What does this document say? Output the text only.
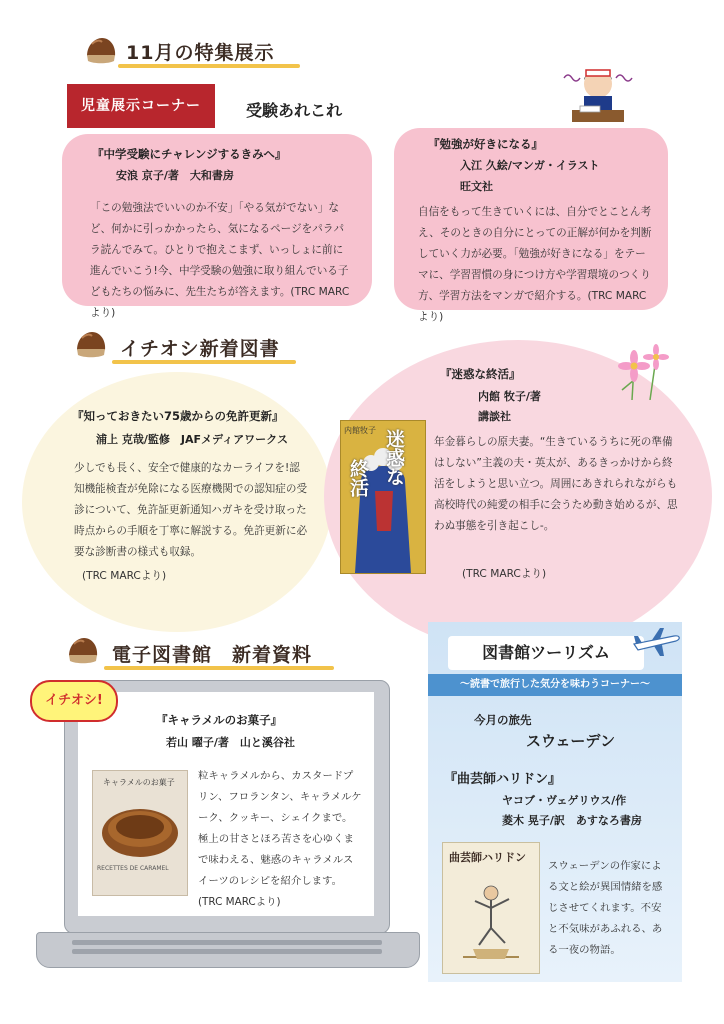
11月の特集展示
児童展示コーナー	受験あれこれ
『中学受験にチャレンジするきみへ』
安浪 京子/著　大和書房
「この勉強法でいいのか不安」「やる気がでない」など、何かに引っかかったら、気になるページをパラパラ読んでみて。ひとりで抱えこまず、いっしょに前に進んでいこう!今、中学受験の勉強に取り組んでいる子どもたちの悩みに、先生たちが答えます。(TRC MARCより)
『勉強が好きになる』
入江 久絵/マンガ・イラスト
旺文社
自信をもって生きていくには、自分でとことん考え、そのときの自分にとっての正解が何かを判断していく力が必要。「勉強が好きになる」をテーマに、学習習慣の身につけ方や学習環境のつくり方、学習方法をマンガで紹介する。(TRC MARCより)
イチオシ新着図書
『知っておきたい75歳からの免許更新』
浦上 克哉/監修　JAFメディアワークス
少しでも長く、安全で健康的なカーライフを!認知機能検査が免除になる医療機関での認知症の受診について、免許証更新通知ハガキを受け取った時点からの手順を丁寧に解説する。免許更新に必要な診断書の様式も収録。
(TRC MARCより)
内館牧子 迷惑な
終活
『迷惑な終活』
内館 牧子/著
講談社
年金暮らしの原夫妻。“生きているうちに死の準備はしない”主義の夫・英太が、あるきっかけから終活をしようと思い立つ。周囲にあきれられながらも高校時代の純愛の相手に会うため動き始めるが、思わぬ事態を引き起こし-。
(TRC MARCより)
電子図書館　新着資料
イチオシ!
『キャラメルのお菓子』
若山 曜子/著　山と溪谷社
キャラメルのお菓子
RECETTES DE CARAMEL
粒キャラメルから、カスタードプリン、フロランタン、キャラメルケーク、クッキー、シェイクまで。極上の甘さとほろ苦さを心ゆくまで味わえる、魅惑のキャラメルスイーツのレシピを紹介します。(TRC MARCより)
図書館ツーリズム
～読書で旅行した気分を味わうコーナー～
今月の旅先
スウェーデン
『曲芸師ハリドン』
ヤコブ・ヴェゲリウス/作
菱木 晃子/訳　あすなろ書房
曲芸師ハリドン
スウェーデンの作家による文と絵が異国情緒を感じさせてくれます。不安と不気味があふれる、ある一夜の物語。
